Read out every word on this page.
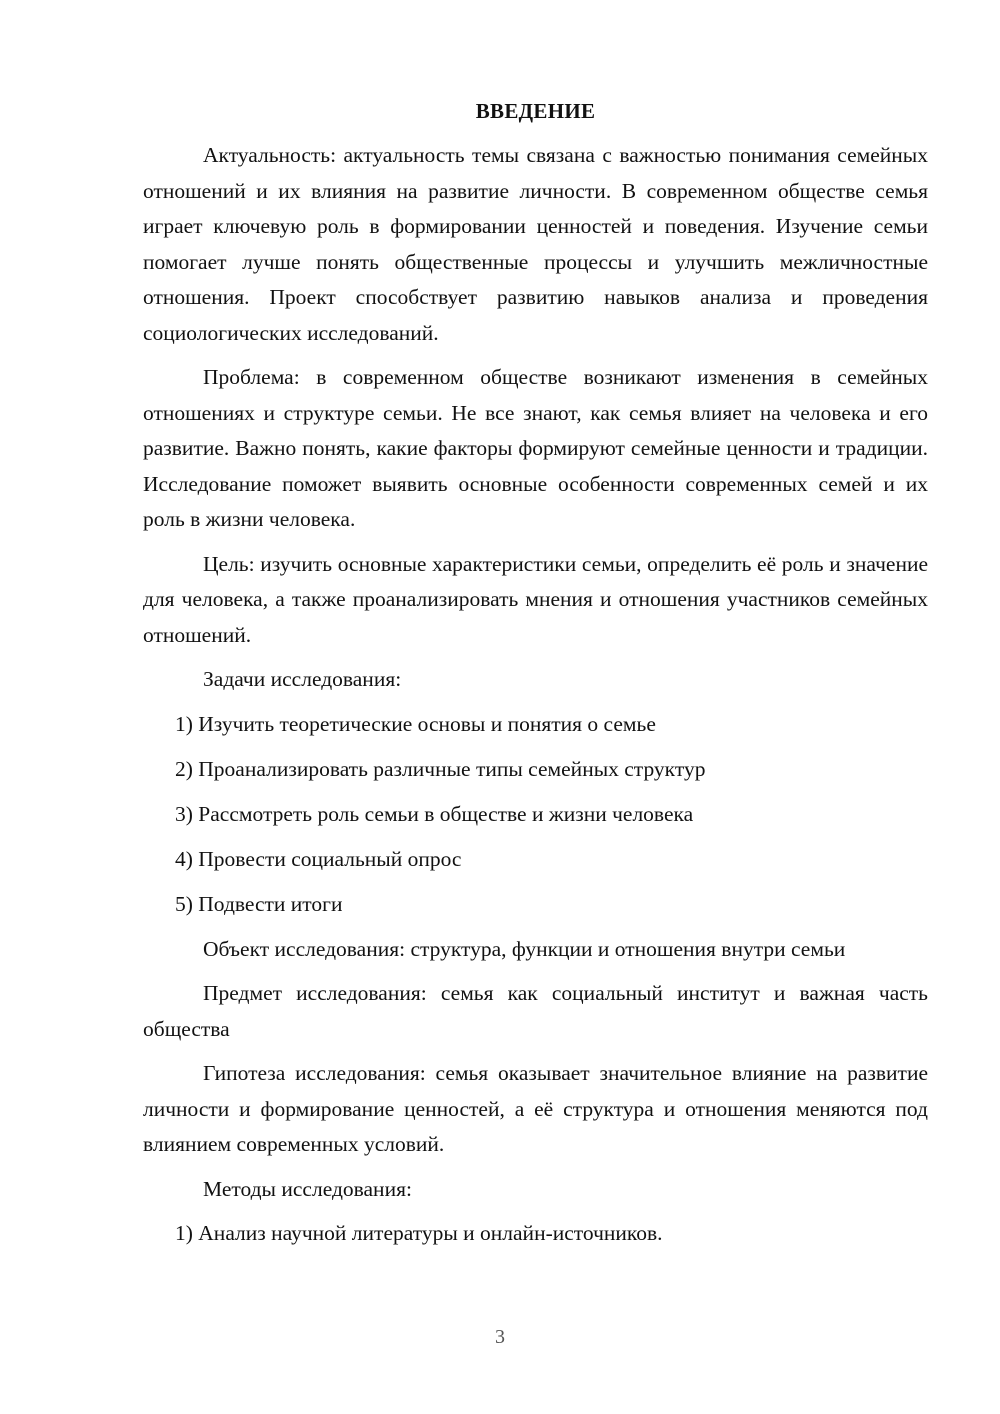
ВВЕДЕНИЕ
Актуальность: актуальность темы связана с важностью понимания семейных отношений и их влияния на развитие личности. В современном обществе семья играет ключевую роль в формировании ценностей и поведения. Изучение семьи помогает лучше понять общественные процессы и улучшить межличностные отношения. Проект способствует развитию навыков анализа и проведения социологических исследований.
Проблема: в современном обществе возникают изменения в семейных отношениях и структуре семьи. Не все знают, как семья влияет на человека и его развитие. Важно понять, какие факторы формируют семейные ценности и традиции. Исследование поможет выявить основные особенности современных семей и их роль в жизни человека.
Цель: изучить основные характеристики семьи, определить её роль и значение для человека, а также проанализировать мнения и отношения участников семейных отношений.
Задачи исследования:
1) Изучить теоретические основы и понятия о семье
2) Проанализировать различные типы семейных структур
3) Рассмотреть роль семьи в обществе и жизни человека
4) Провести социальный опрос
5) Подвести итоги
Объект исследования: структура, функции и отношения внутри семьи
Предмет исследования: семья как социальный институт и важная часть общества
Гипотеза исследования: семья оказывает значительное влияние на развитие личности и формирование ценностей, а её структура и отношения меняются под влиянием современных условий.
Методы исследования:
1) Анализ научной литературы и онлайн-источников.
3
